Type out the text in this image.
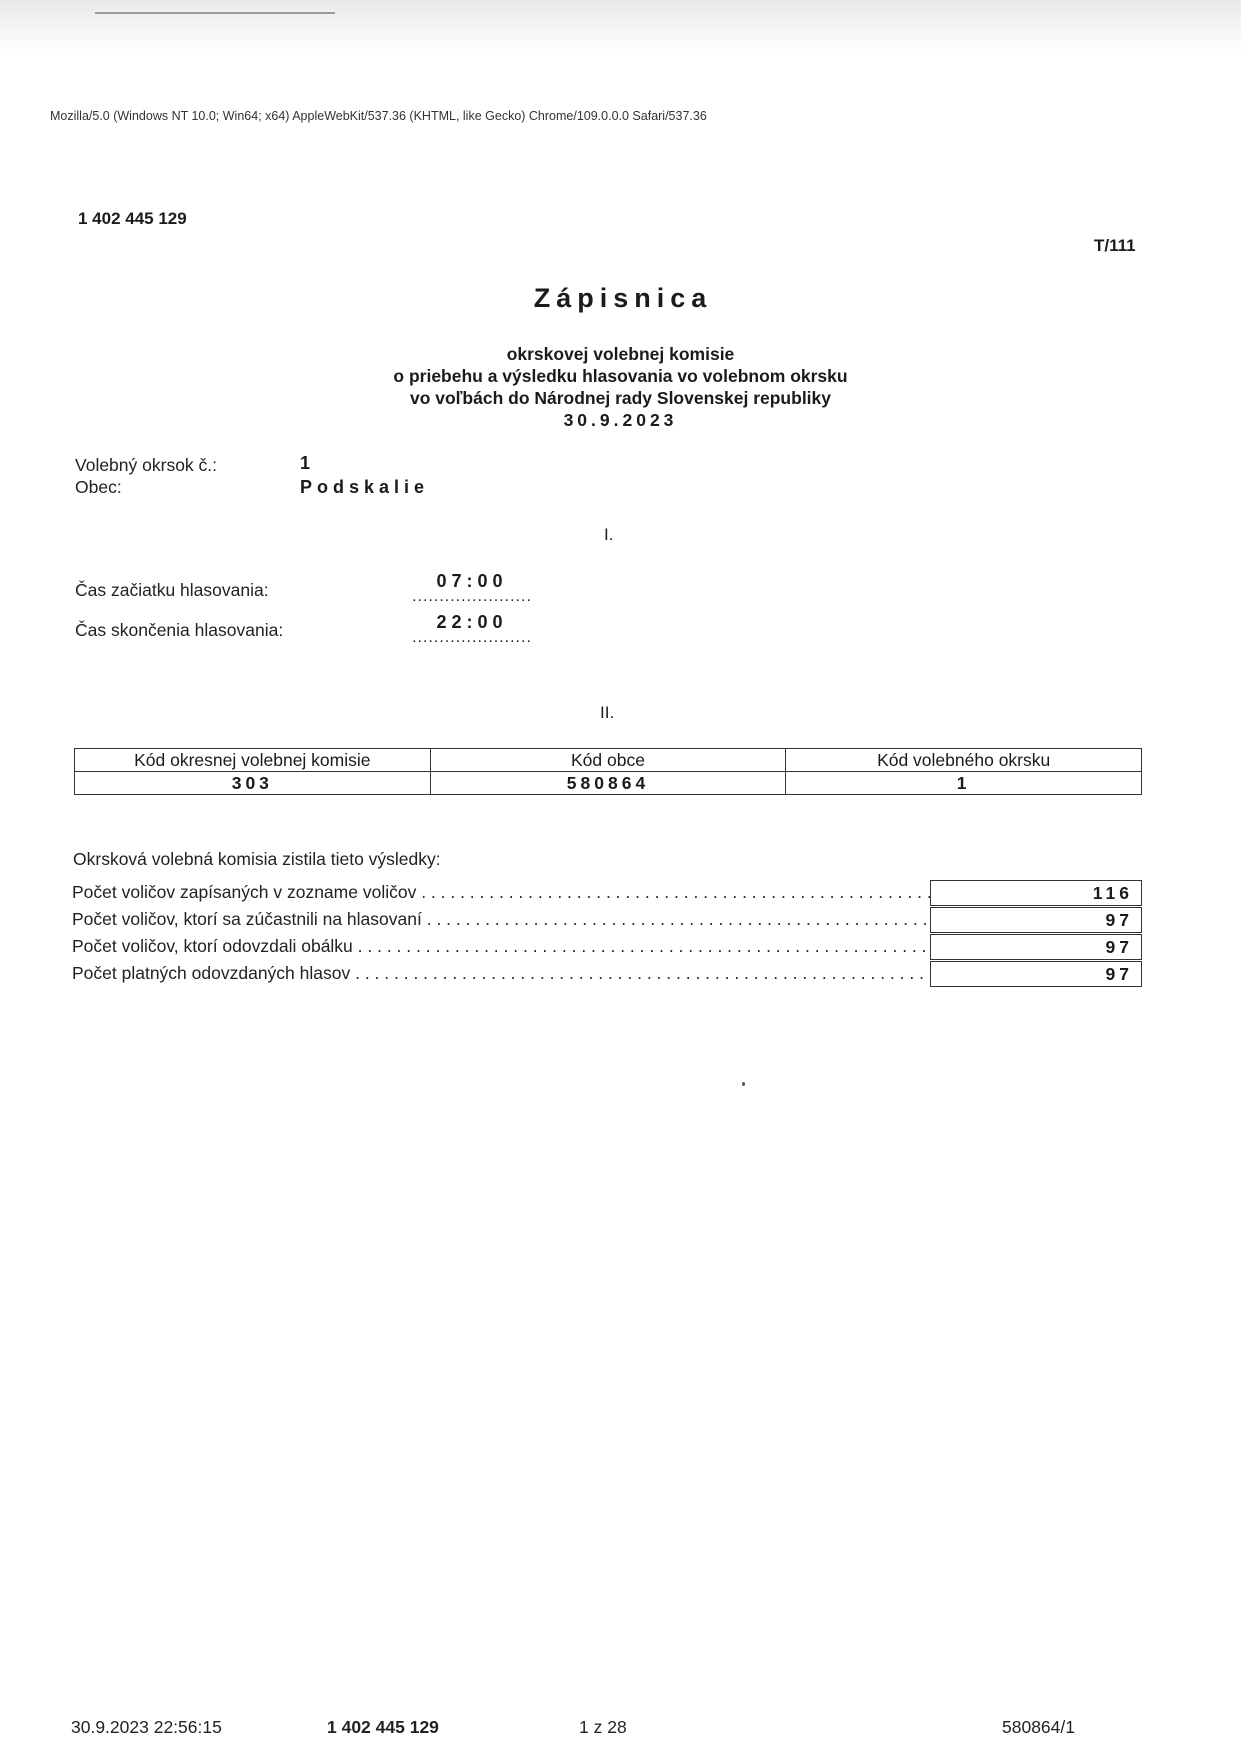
Mozilla/5.0 (Windows NT 10.0; Win64; x64) AppleWebKit/537.36 (KHTML, like Gecko) Chrome/109.0.0.0 Safari/537.36
1 402 445 129
T/111
Zápisnica
okrskovej volebnej komisie
o priebehu a výsledku hlasovania vo volebnom okrsku
vo voľbách do Národnej rady Slovenskej republiky
30.9.2023
Volebný okrsok č.:	1
Obec:	Podskalie
I.
Čas začiatku hlasovania:	07:00
......................
Čas skončenia hlasovania:	22:00
......................
II.
Kód okresnej volebnej komisie	Kód obce	Kód volebného okrsku
303	580864	1
Okrsková volebná komisia zistila tieto výsledky:
Počet voličov zapísaných v zozname voličov . . .	116
Počet voličov, ktorí sa zúčastnili na hlasovaní . . .	97
Počet voličov, ktorí odovzdali obálku . . .	97
Počet platných odovzdaných hlasov . . .	97
30.9.2023 22:56:15	1 402 445 129	1 z 28	580864/1
